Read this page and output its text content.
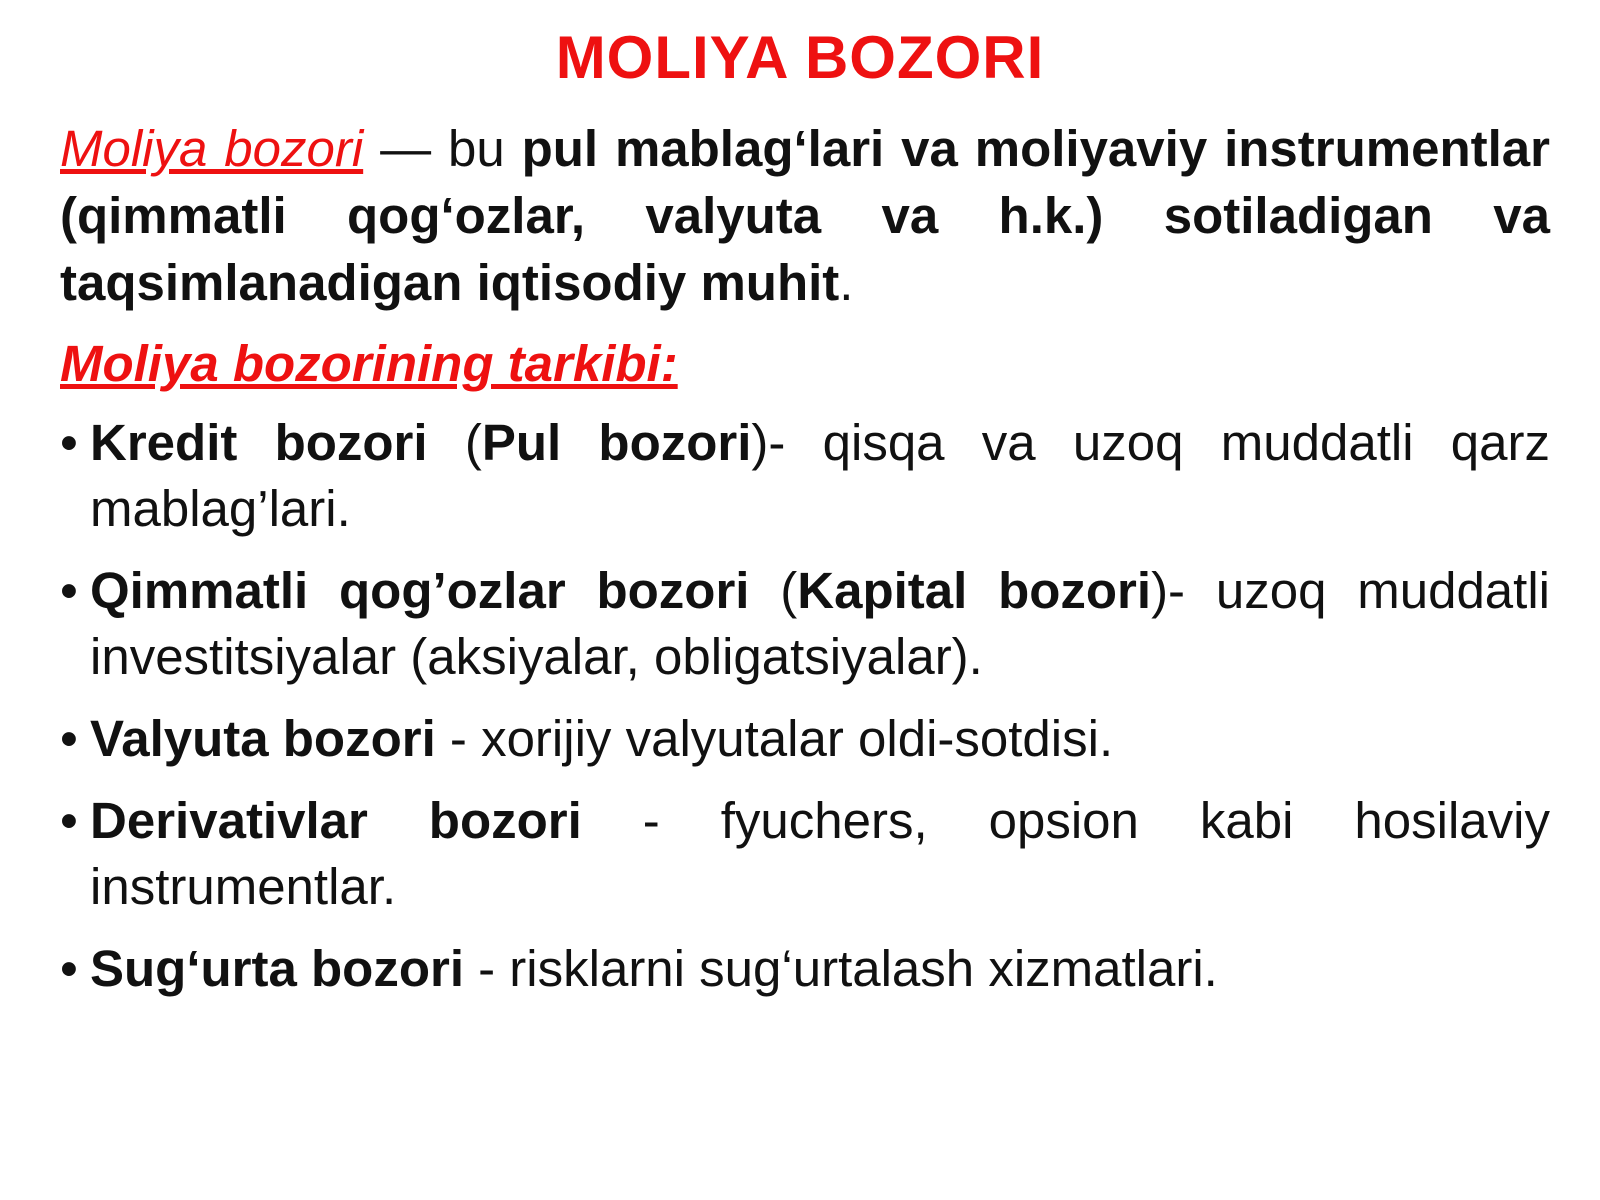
MOLIYA BOZORI
Moliya bozori — bu pul mablag‘lari va moliyaviy instrumentlar (qimmatli qog‘ozlar, valyuta va h.k.) sotiladigan va taqsimlanadigan iqtisodiy muhit.
Moliya bozorining tarkibi:
• Kredit bozori (Pul bozori)- qisqa va uzoq muddatli qarz mablag’lari.
• Qimmatli qog’ozlar bozori (Kapital bozori)- uzoq muddatli investitsiyalar (aksiyalar, obligatsiyalar).
• Valyuta bozori - xorijiy valyutalar oldi-sotdisi.
• Derivativlar bozori - fyuchers, opsion kabi hosilaviy instrumentlar.
• Sug‘urta bozori - risklarni sug‘urtalash xizmatlari.
